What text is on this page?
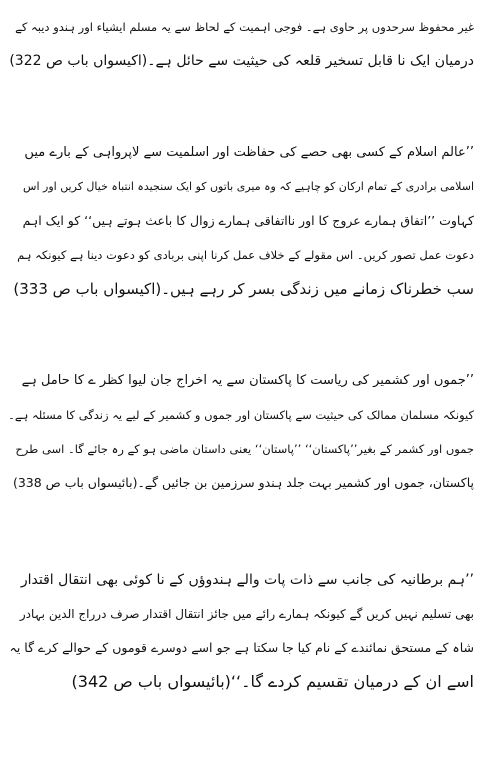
غیر محفوظ سرحدوں پر حاوی ہے۔ فوجی اہمیت کے لحاظ سے یہ مسلم ایشیاء اور ہندو دیبہ کے
درمیان ایک نا قابل تسخیر قلعہ کی حیثیت سے حائل ہے۔(اکیسواں باب ص 322)
’’عالم اسلام کے کسی بھی حصے کی حفاظت اور اسلمیت سے لاپرواہی کے بارے میں
اسلامی برادری کے تمام ارکان کو چاہیے کہ وہ میری باتوں کو ایک سنجیدہ انتباہ خیال کریں اور اس
کہاوت ’’اتفاق ہمارے عروج کا اور نااتفاقی ہمارے زوال کا باعث ہوتے ہیں‘‘ کو ایک اہم
دعوت عمل تصور کریں۔ اس مقولے کے خلاف عمل کرنا اپنی بربادی کو دعوت دینا ہے کیونکہ ہم
سب خطرناک زمانے میں زندگی بسر کر رہے ہیں۔(اکیسواں باب ص 333)
’’جموں اور کشمیر کی ریاست کا پاکستان سے یہ اخراج جان لیوا کظر ے کا حامل ہے
کیونکہ مسلمان ممالک کی حیثیت سے پاکستان اور جموں و کشمیر کے لیے یہ زندگی کا مسئلہ ہے۔
جموں اور کشمر کے بغیر’’پاکستان‘‘ ’’پاستان‘‘ یعنی داستان ماضی ہو کے رہ جائے گا۔ اسی طرح
پاکستان، جموں اور کشمیر بہت جلد ہندو سرزمین بن جائیں گے۔(بائیسواں باب ص 338)
’’ہم برطانیہ کی جانب سے ذات پات والے ہندوؤں کے نا کوئی بھی انتقال اقتدار
بھی تسلیم نہیں کریں گے کیونکہ ہمارے رائے میں جائز انتقال اقتدار صرف درراج الدین بہادر
شاہ کے مستحق نمائندے کے نام کیا جا سکتا ہے جو اسے دوسرے قوموں کے حوالے کرے گا یہ
اسے ان کے درمیان تقسیم کردے گا۔‘‘(بائیسواں باب ص 342)
